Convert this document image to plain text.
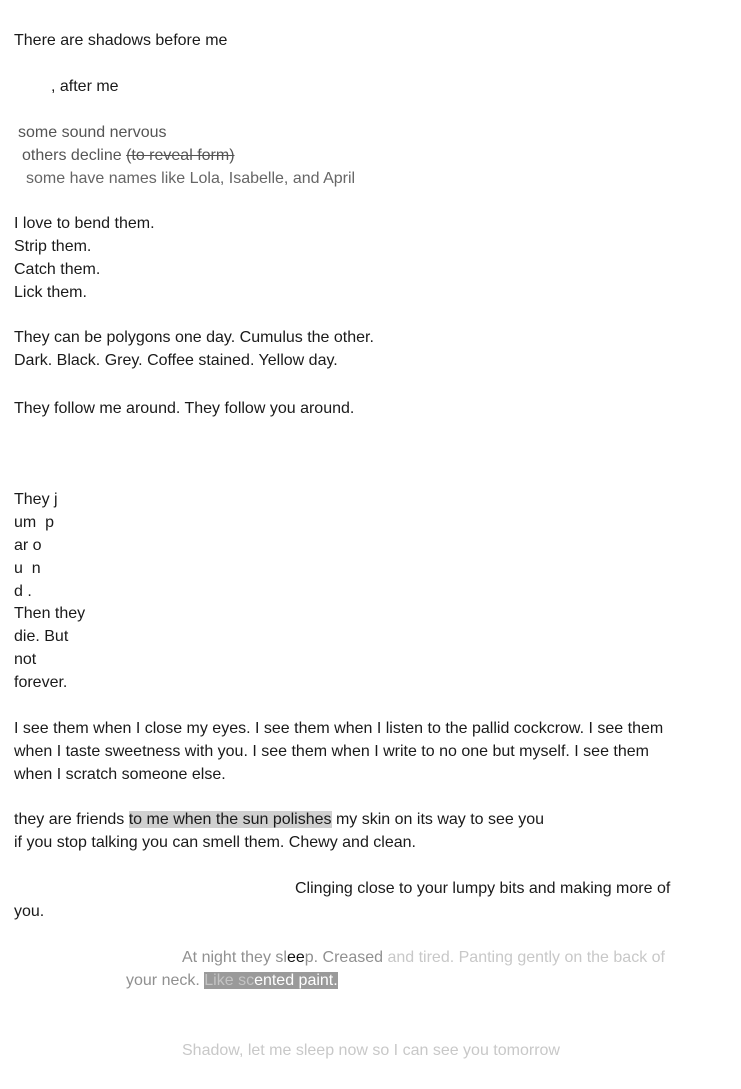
There are shadows before me
, after me
some sound nervous
others decline (to reveal form)
some have names like Lola, Isabelle, and April
I love to bend them.
Strip them.
Catch them.
Lick them.
They can be polygons one day. Cumulus the other.
Dark. Black. Grey. Coffee stained. Yellow day.
They follow me around. They follow you around.
They j
um  p
ar o
u  n
d .
Then they
die. But
not
forever.
I see them when I close my eyes. I see them when I listen to the pallid cockcrow. I see them
when I taste sweetness with you. I see them when I write to no one but myself. I see them
when I scratch someone else.
they are friends to me when the sun polishes my skin on its way to see you
if you stop talking you can smell them. Chewy and clean.
Clinging close to your lumpy bits and making more of
you.
At night they sleep. Creased and tired. Panting gently on the back of
your neck. Like scented paint.
Shadow, let me sleep now so I can see you tomorrow
